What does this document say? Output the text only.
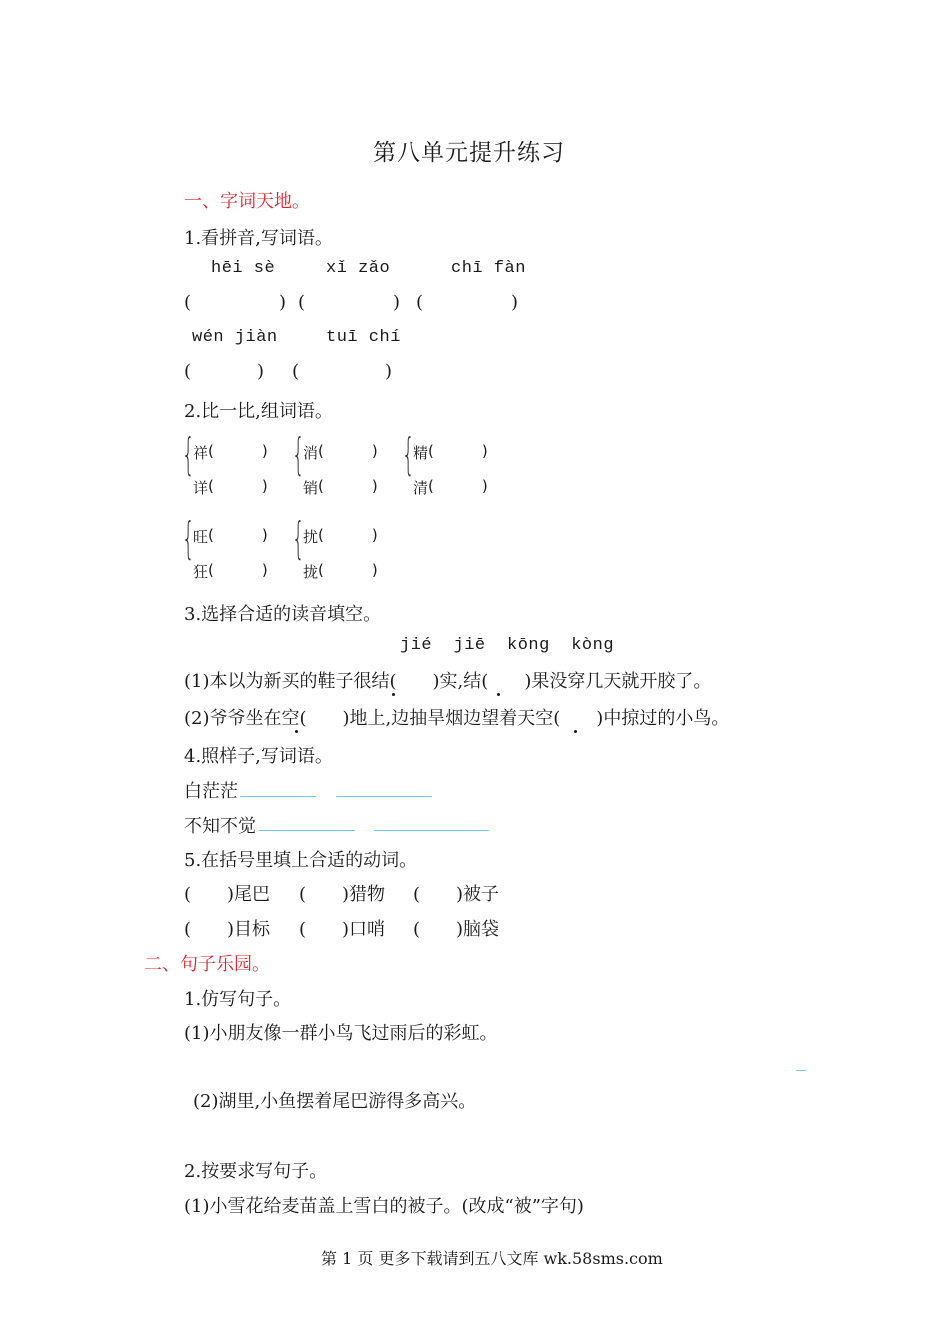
第八单元提升练习
一、字词天地。
1.看拼音,写词语。
hēi sè	xǐ zǎo	chī fàn
(	) (	) (	)
wén jiàn	tuī chí
(	) (	)
2.比一比,组词语。
{
祥 (	)
详 (	)
{
消 (	)
销 (	)
{
精 (	)
清 (	)
{
旺 (	)
狂 (	)
{
扰 (	)
拢 (	)
3.选择合适的读音填空。
jié  jiē  kōng  kòng
(1)本以为新买的鞋子很结( )实,结( )果没穿几天就开胶了。
(2)爷爷坐在空( )地上,边抽旱烟边望着天空( )中掠过的小鸟。
4.照样子,写词语。
白茫茫
不知不觉
5.在括号里填上合适的动词。
( )尾巴 ( )猎物 ( )被子
( )目标 ( )口哨 ( )脑袋
二、句子乐园。
1.仿写句子。
(1)小朋友像一群小鸟飞过雨后的彩虹。
(2)湖里,小鱼摆着尾巴游得多高兴。
2.按要求写句子。
(1)小雪花给麦苗盖上雪白的被子。(改成“被”字句)
第 1 页 更多下载请到五八文库 wk.58sms.com
